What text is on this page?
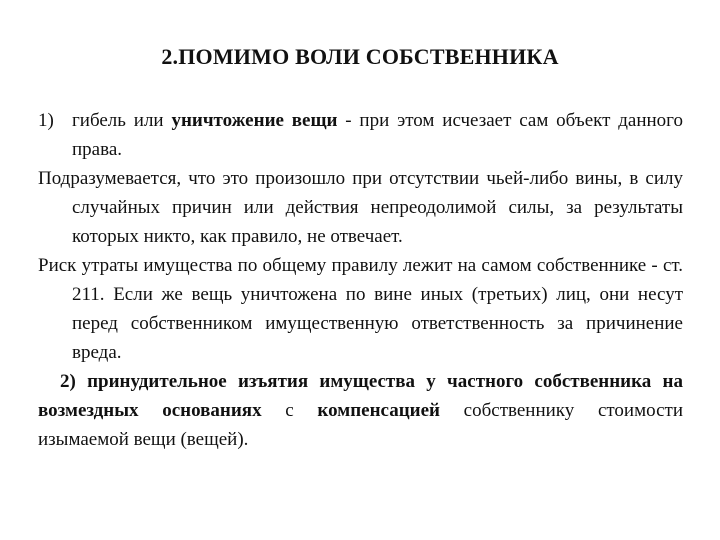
2.ПОМИМО ВОЛИ СОБСТВЕННИКА

1) гибель или уничтожение вещи - при этом исчезает сам объект данного права.

Подразумевается, что это произошло при отсутствии чьей-либо вины, в силу случайных причин или действия непреодолимой силы, за результаты которых никто, как правило, не отвечает.

Риск утраты имущества по общему правилу лежит на самом собственнике - ст. 211. Если же вещь уничтожена по вине иных (третьих) лиц, они несут перед собственником имущественную ответственность за причинение вреда.

2) принудительное изъятия имущества у частного собственника на возмездных основаниях с компенсацией собственнику стоимости изымаемой вещи (вещей).
